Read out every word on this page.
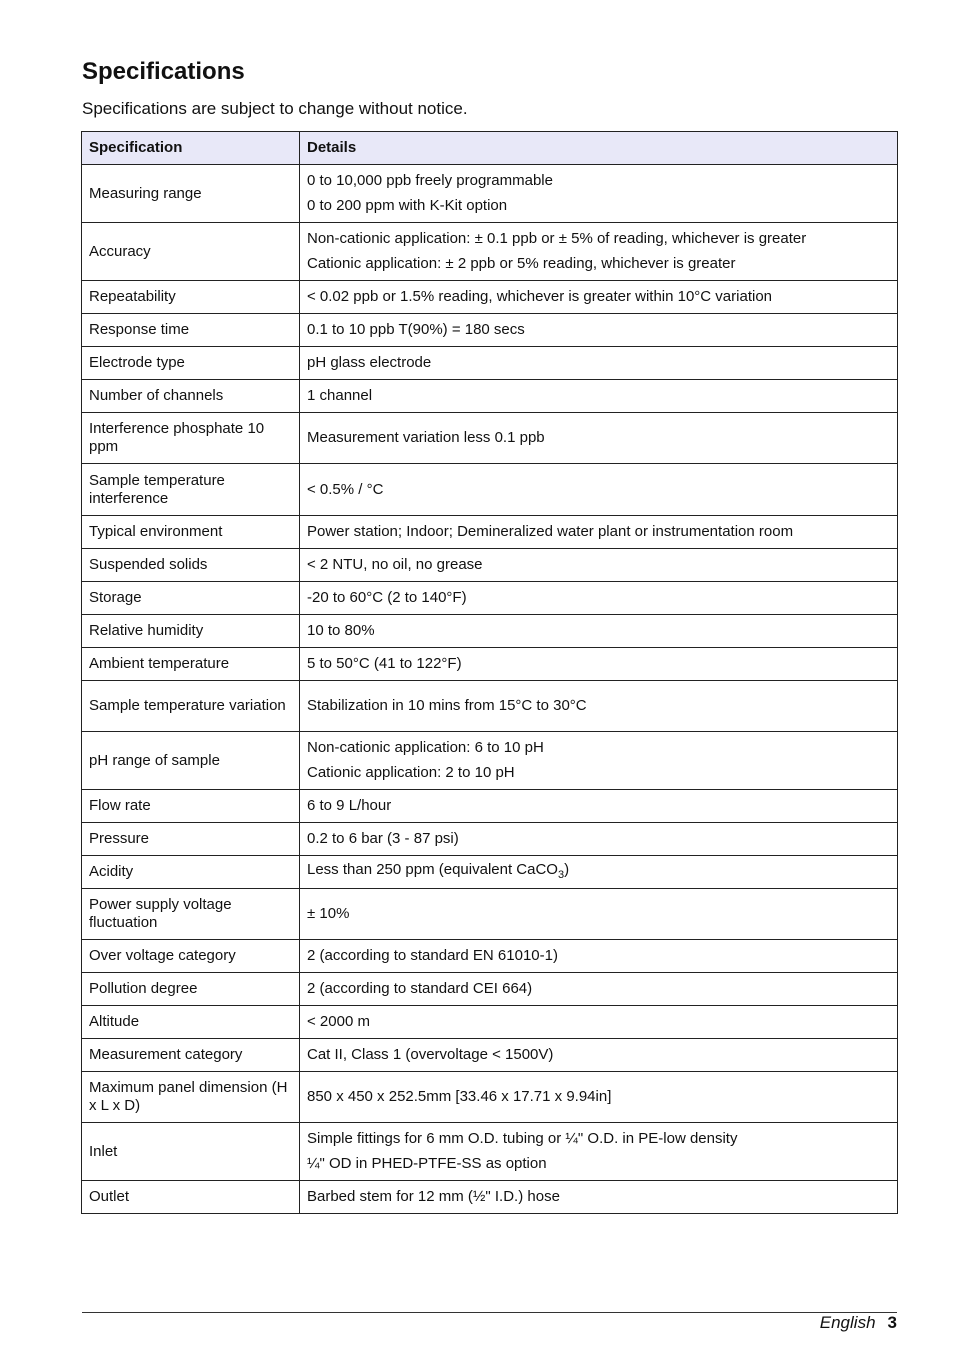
Specifications

Specifications are subject to change without notice.

Specification	Details
Measuring range	0 to 10,000 ppb freely programmable
0 to 200 ppm with K-Kit option

Accuracy	Non-cationic application: ± 0.1 ppb or ± 5% of reading, whichever is greater
Cationic application: ± 2 ppb or 5% reading, whichever is greater

Repeatability	< 0.02 ppb or 1.5% reading, whichever is greater within 10°C variation

Response time	0.1 to 10 ppb T(90%) = 180 secs

Electrode type	pH glass electrode

Number of channels	1 channel

Interference phosphate 10 ppm	Measurement variation less 0.1 ppb

Sample temperature interference	< 0.5% / °C

Typical environment	Power station; Indoor; Demineralized water plant or instrumentation room

Suspended solids	< 2 NTU, no oil, no grease

Storage	-20 to 60°C (2 to 140°F)

Relative humidity	10 to 80%

Ambient temperature	5 to 50°C (41 to 122°F)

Sample temperature variation	Stabilization in 10 mins from 15°C to 30°C

pH range of sample	Non-cationic application: 6 to 10 pH
Cationic application: 2 to 10 pH

Flow rate	6 to 9 L/hour

Pressure	0.2 to 6 bar (3 - 87 psi)

Acidity	Less than 250 ppm (equivalent CaCO$_3$)

Power supply voltage fluctuation	± 10%

Over voltage category	2 (according to standard EN 61010-1)

Pollution degree	2 (according to standard CEI 664)

Altitude	< 2000 m

Measurement category	Cat II, Class 1 (overvoltage < 1500V)

Maximum panel dimension (H x L x D)	850 x 450 x 252.5mm [33.46 x 17.71 x 9.94in]

Inlet	Simple fittings for 6 mm O.D. tubing or ¼" O.D. in PE-low density
¼" OD in PHED-PTFE-SS as option

Outlet	Barbed stem for 12 mm (½" I.D.) hose
English 3
